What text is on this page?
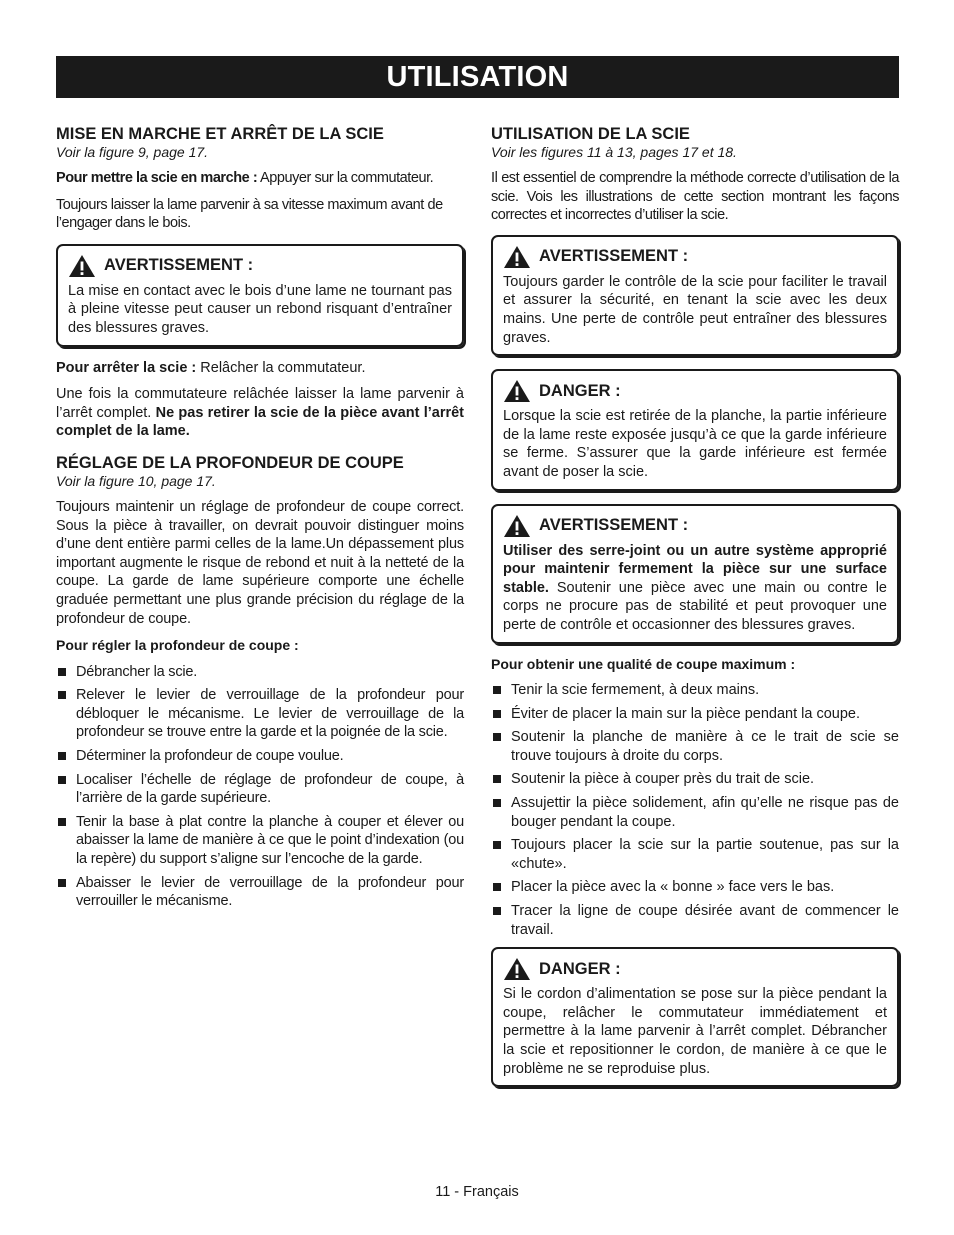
UTILISATION
MISE EN MARCHE ET ARRÊT DE LA SCIE
Voir la figure 9, page 17.

Pour mettre la scie en marche : Appuyer sur la commutateur.

Toujours laisser la lame parvenir à sa vitesse maximum avant de l’engager dans le bois.

AVERTISSEMENT :

La mise en contact avec le bois d’une lame ne tournant pas à pleine vitesse peut causer un rebond risquant d’entraîner des blessures graves.

Pour arrêter la scie : Relâcher la commutateur.

Une fois la commutateure relâchée laisser la lame parvenir à l’arrêt complet. Ne pas retirer la scie de la pièce avant l’arrêt complet de la lame.

RÉGLAGE DE LA PROFONDEUR DE COUPE
Voir la figure 10, page 17.

Toujours maintenir un réglage de profondeur de coupe correct. Sous la pièce à travailler, on devrait pouvoir distinguer moins d’une dent entière parmi celles de la lame.Un dépassement plus important augmente le risque de rebond et nuit à la netteté de la coupe. La garde de lame supérieure comporte une échelle graduée permettant une plus grande précision du réglage de la profondeur de coupe.

Pour régler la profondeur de coupe :

Débrancher la scie.
Relever le levier de verrouillage de la profondeur pour débloquer le mécanisme. Le levier de verrouillage de la profondeur se trouve entre la garde et la poignée de la scie.
Déterminer la profondeur de coupe voulue.
Localiser l’échelle de réglage de profondeur de coupe, à l’arrière de la garde supérieure.
Tenir la base à plat contre la planche à couper et élever ou abaisser la lame de manière à ce que le point d’indexation (ou la repère) du support s’aligne sur l’encoche de la garde.
Abaisser le levier de verrouillage de la profondeur pour verrouiller le mécanisme.
UTILISATION DE LA SCIE
Voir les figures 11 à 13, pages 17 et 18.

Il est essentiel de comprendre la méthode correcte d’utilisation de la scie. Vois les illustrations de cette section montrant les façons correctes et incorrectes d’utiliser la scie.

AVERTISSEMENT :

Toujours garder le contrôle de la scie pour faciliter le travail et assurer la sécurité, en tenant la scie avec les deux mains. Une perte de contrôle peut entraîner des blessures graves.

DANGER :

Lorsque la scie est retirée de la planche, la partie inférieure de la lame reste exposée jusqu’à ce que la garde inférieure se ferme. S’assurer que la garde inférieure est fermée avant de poser la scie.

AVERTISSEMENT :

Utiliser des serre-joint ou un autre système approprié pour maintenir fermement la pièce sur une surface stable. Soutenir une pièce avec une main ou contre le corps ne procure pas de stabilité et peut provoquer une perte de contrôle et occasionner des blessures graves.

Pour obtenir une qualité de coupe maximum :

Tenir la scie fermement, à deux mains.
Éviter de placer la main sur la pièce pendant la coupe.
Soutenir la planche de manière à ce le trait de scie se trouve toujours à droite du corps.
Soutenir la pièce à couper près du trait de scie.
Assujettir la pièce solidement, afin qu’elle ne risque pas de bouger pendant la coupe.
Toujours placer la scie sur la partie soutenue, pas sur la «chute».
Placer la pièce avec la « bonne » face vers le bas.
Tracer la ligne de coupe désirée avant de commencer le travail.
DANGER :

Si le cordon d’alimentation se pose sur la pièce pendant la coupe, relâcher le commutateur immédiatement et permettre à la lame parvenir à l’arrêt complet. Débrancher la scie et repositionner le cordon, de manière à ce que le problème ne se reproduise plus.

11 - Français
